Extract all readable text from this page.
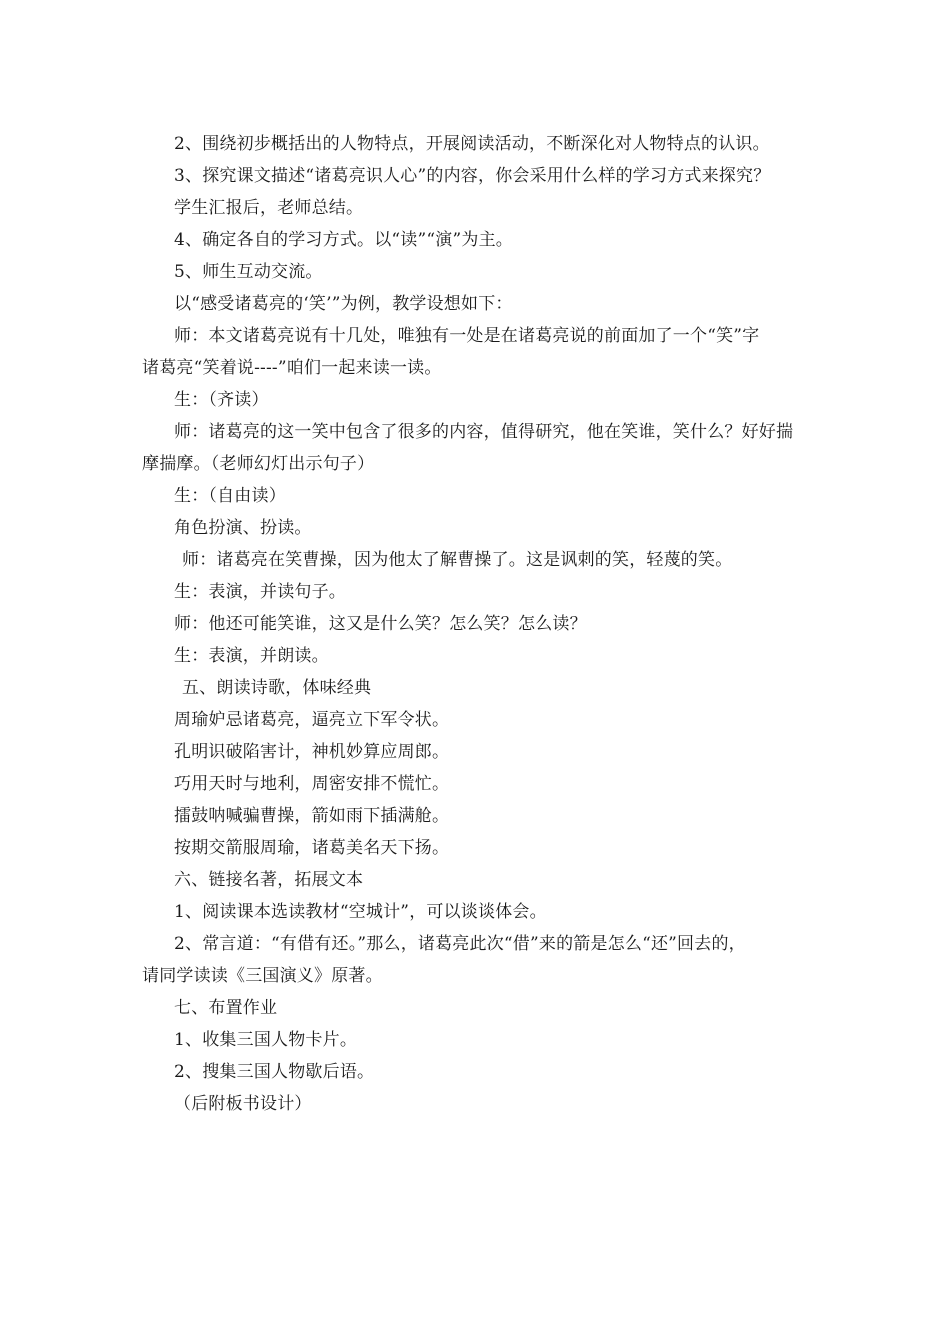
2、围绕初步概括出的人物特点，开展阅读活动，不断深化对人物特点的认识。
3、探究课文描述“诸葛亮识人心”的内容，你会采用什么样的学习方式来探究？
学生汇报后，老师总结。
4、确定各自的学习方式。以“读”“演”为主。
5、师生互动交流。
以“感受诸葛亮的‘笑’”为例，教学设想如下：
师：本文诸葛亮说有十几处，唯独有一处是在诸葛亮说的前面加了一个“笑”字
诸葛亮“笑着说----”咱们一起来读一读。
生：（齐读）
师：诸葛亮的这一笑中包含了很多的内容，值得研究，他在笑谁，笑什么？好好揣
摩揣摩。（老师幻灯出示句子）
生：（自由读）
角色扮演、扮读。
师：诸葛亮在笑曹操，因为他太了解曹操了。这是讽刺的笑，轻蔑的笑。
生：表演，并读句子。
师：他还可能笑谁，这又是什么笑？怎么笑？怎么读？
生：表演，并朗读。
五、朗读诗歌，体味经典
周瑜妒忌诸葛亮，逼亮立下军令状。
孔明识破陷害计，神机妙算应周郎。
巧用天时与地利，周密安排不慌忙。
擂鼓呐喊骗曹操，箭如雨下插满舱。
按期交箭服周瑜，诸葛美名天下扬。
六、链接名著，拓展文本
1、阅读课本选读教材“空城计”，可以谈谈体会。
2、常言道：“有借有还。”那么，诸葛亮此次“借”来的箭是怎么“还”回去的，
请同学读读《三国演义》原著。
七、布置作业
1、收集三国人物卡片。
2、搜集三国人物歇后语。
（后附板书设计）
